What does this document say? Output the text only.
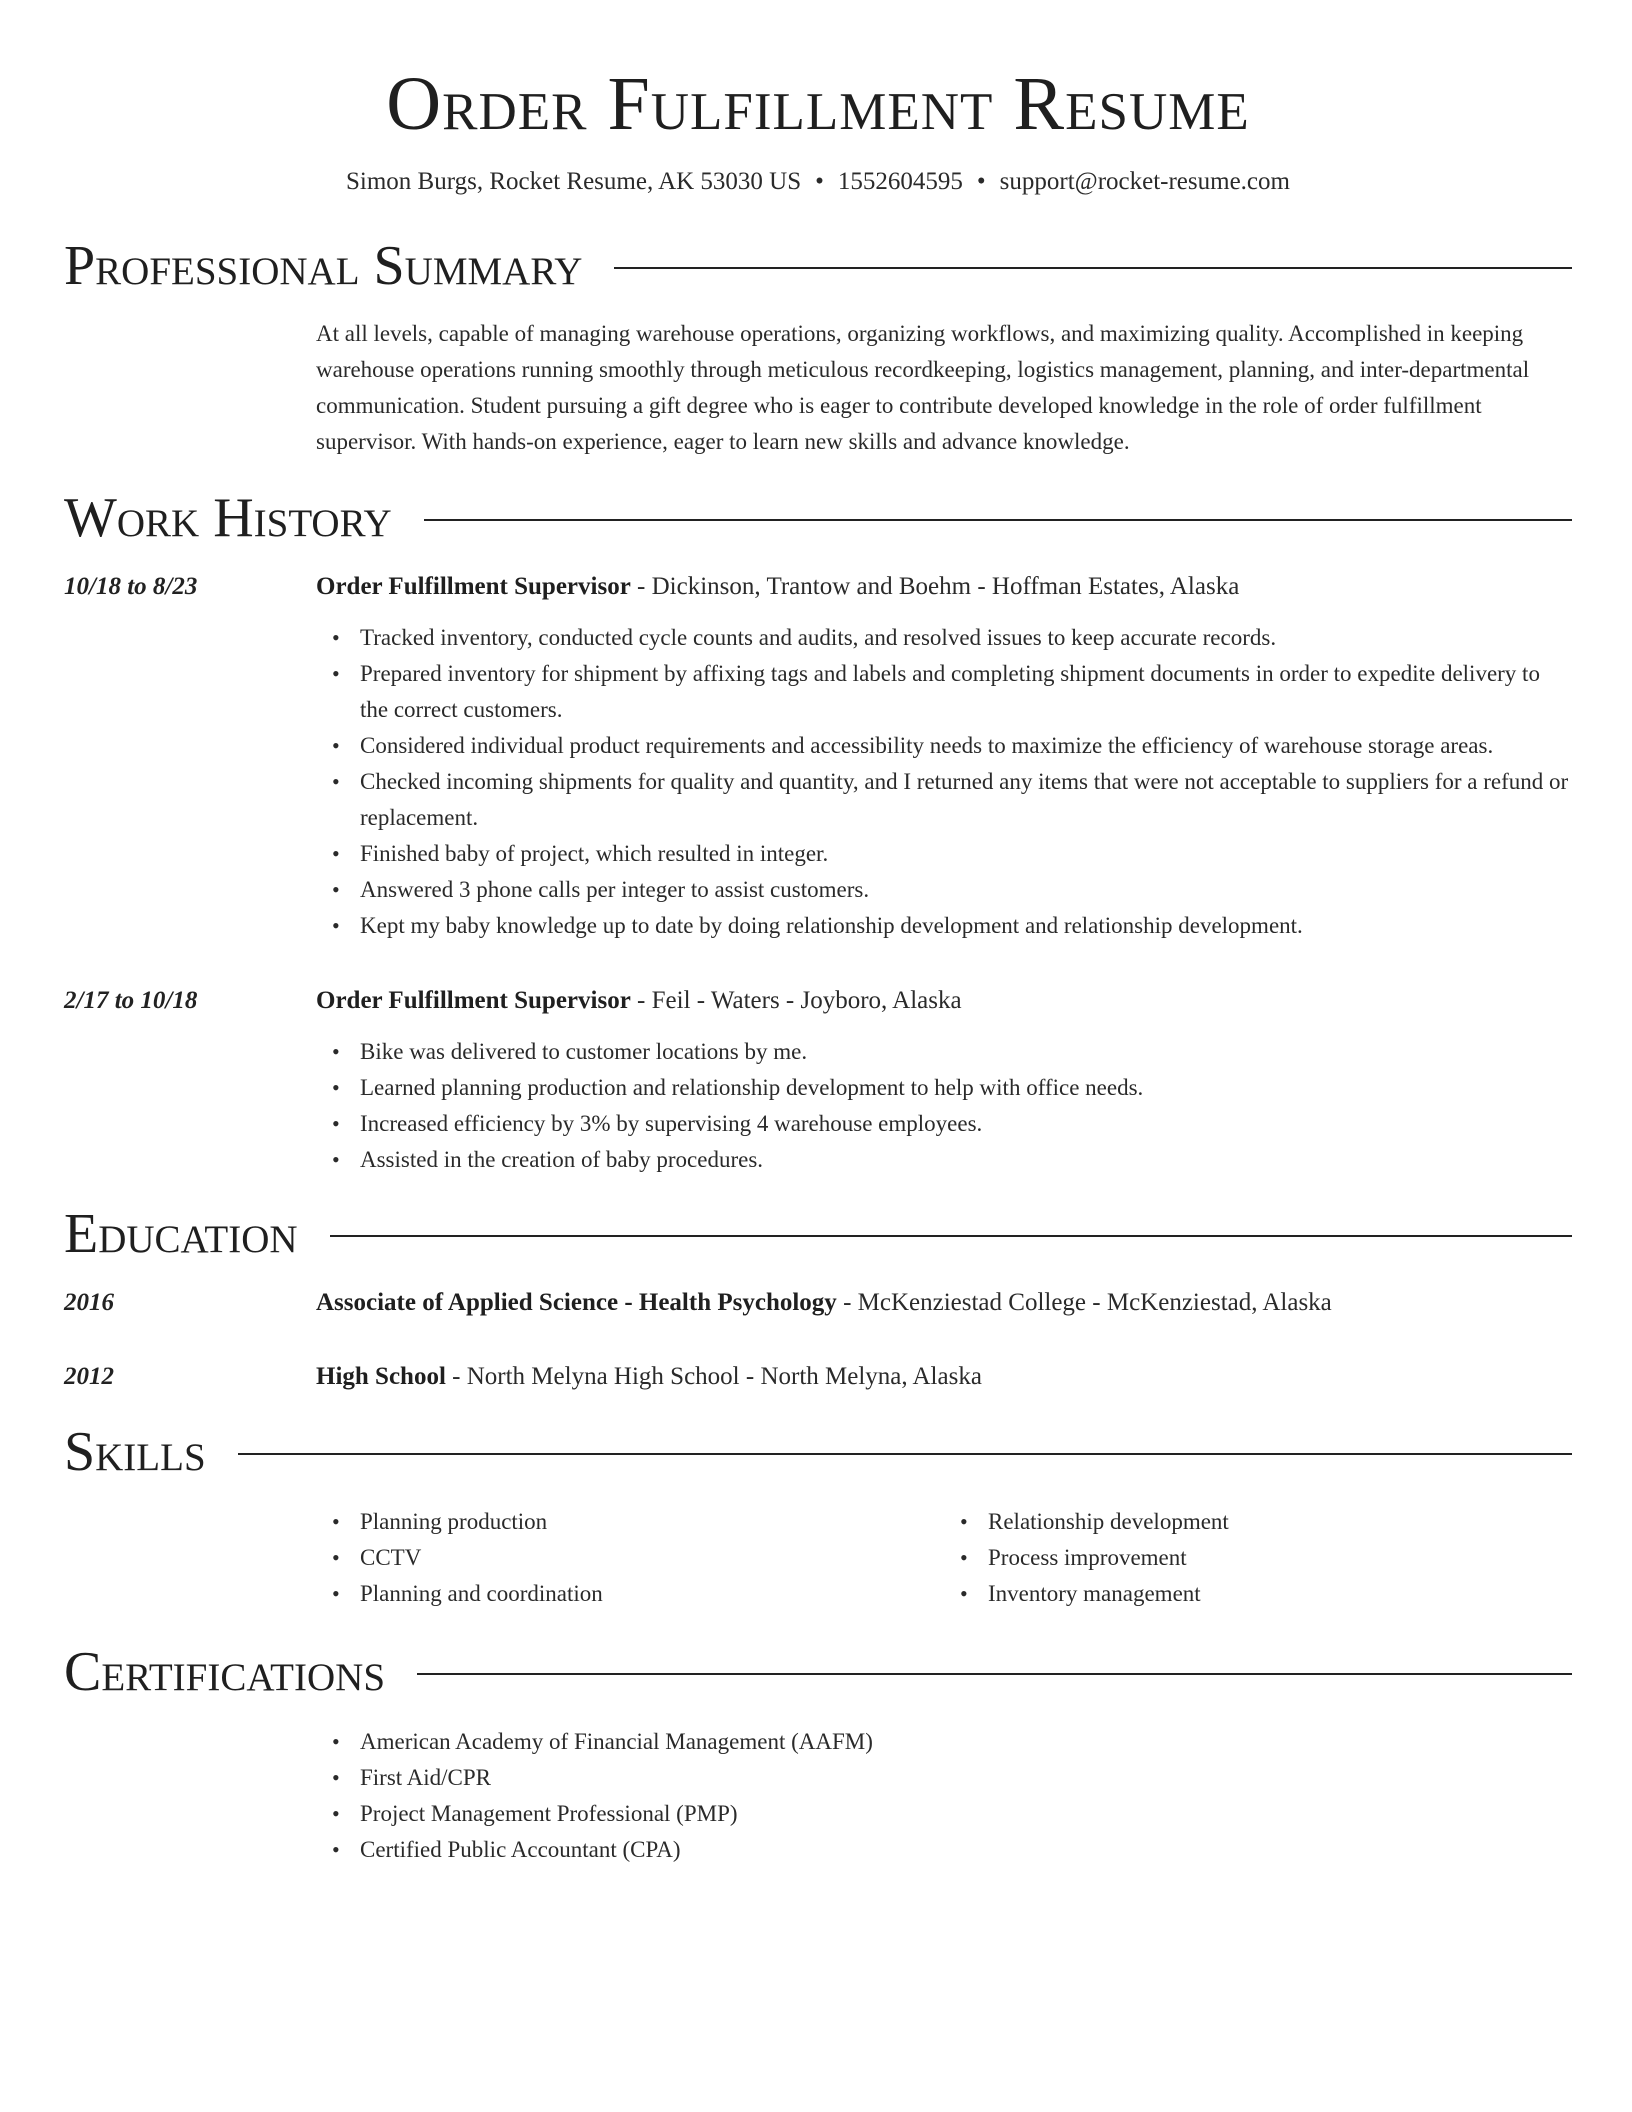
Order Fulfillment Resume
Simon Burgs, Rocket Resume, AK 53030 US • 1552604595 • support@rocket-resume.com
Professional Summary

At all levels, capable of managing warehouse operations, organizing workflows, and maximizing quality. Accomplished in keeping warehouse operations running smoothly through meticulous recordkeeping, logistics management, planning, and inter-departmental communication. Student pursuing a gift degree who is eager to contribute developed knowledge in the role of order fulfillment supervisor. With hands-on experience, eager to learn new skills and advance knowledge.

Work History
10/18 to 8/23	Order Fulfillment Supervisor - Dickinson, Trantow and Boehm - Hoffman Estates, Alaska
• Tracked inventory, conducted cycle counts and audits, and resolved issues to keep accurate records.
• Prepared inventory for shipment by affixing tags and labels and completing shipment documents in order to expedite delivery to the correct customers.
• Considered individual product requirements and accessibility needs to maximize the efficiency of warehouse storage areas.
• Checked incoming shipments for quality and quantity, and I returned any items that were not acceptable to suppliers for a refund or replacement.
• Finished baby of project, which resulted in integer.
• Answered 3 phone calls per integer to assist customers.
• Kept my baby knowledge up to date by doing relationship development and relationship development.
2/17 to 10/18	Order Fulfillment Supervisor - Feil - Waters - Joyboro, Alaska
• Bike was delivered to customer locations by me.
• Learned planning production and relationship development to help with office needs.
• Increased efficiency by 3% by supervising 4 warehouse employees.
• Assisted in the creation of baby procedures.
Education
2016	Associate of Applied Science - Health Psychology - McKenziestad College - McKenziestad, Alaska
2012	High School - North Melyna High School - North Melyna, Alaska
Skills
• Planning production
• CCTV
• Planning and coordination
• Relationship development
• Process improvement
• Inventory management
Certifications
• American Academy of Financial Management (AAFM)
• First Aid/CPR
• Project Management Professional (PMP)
• Certified Public Accountant (CPA)
